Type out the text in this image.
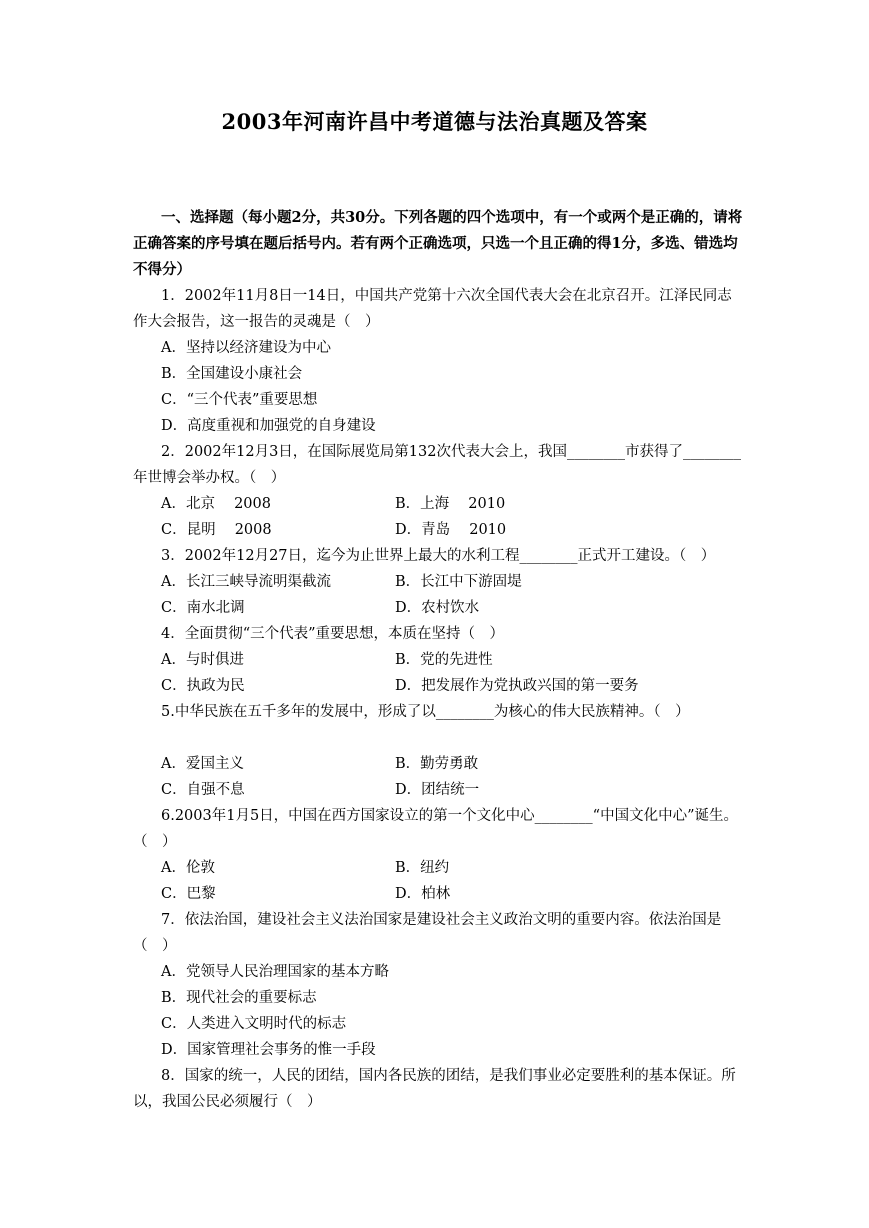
2003年河南许昌中考道德与法治真题及答案

一、选择题（每小题2分，共30分。下列各题的四个选项中，有一个或两个是正确的，请将正确答案的序号填在题后括号内。若有两个正确选项，只选一个且正确的得1分，多选、错选均不得分）

1．2002年11月8日一14日，中国共产党第十六次全国代表大会在北京召开。江泽民同志作大会报告，这一报告的灵魂是（　）

A．坚持以经济建设为中心

B．全国建设小康社会

C．“三个代表”重要思想

D．高度重视和加强党的自身建设

2．2002年12月3日，在国际展览局第132次代表大会上，我国________市获得了________年世博会举办权。（　）

A．北京　 2008	B．上海　 2010
C．昆明　 2008	D．青岛　 2010

3．2002年12月27日，迄今为止世界上最大的水利工程________正式开工建设。（　）

A．长江三峡导流明渠截流	B．长江中下游固堤
C．南水北调	D．农村饮水

4．全面贯彻“三个代表”重要思想，本质在坚持（　）

A．与时俱进	B．党的先进性
C．执政为民	D．把发展作为党执政兴国的第一要务

5.中华民族在五千多年的发展中，形成了以________为核心的伟大民族精神。（　）

A．爱国主义	B．勤劳勇敢
C．自强不息	D．团结统一

6.2003年1月5日，中国在西方国家设立的第一个文化中心________“中国文化中心”诞生。（　）

A．伦敦	B．纽约
C．巴黎	D．柏林

7．依法治国，建设社会主义法治国家是建设社会主义政治文明的重要内容。依法治国是（　）

A．党领导人民治理国家的基本方略

B．现代社会的重要标志

C．人类进入文明时代的标志

D．国家管理社会事务的惟一手段

8．国家的统一，人民的团结，国内各民族的团结，是我们事业必定要胜利的基本保证。所以，我国公民必须履行（　）
